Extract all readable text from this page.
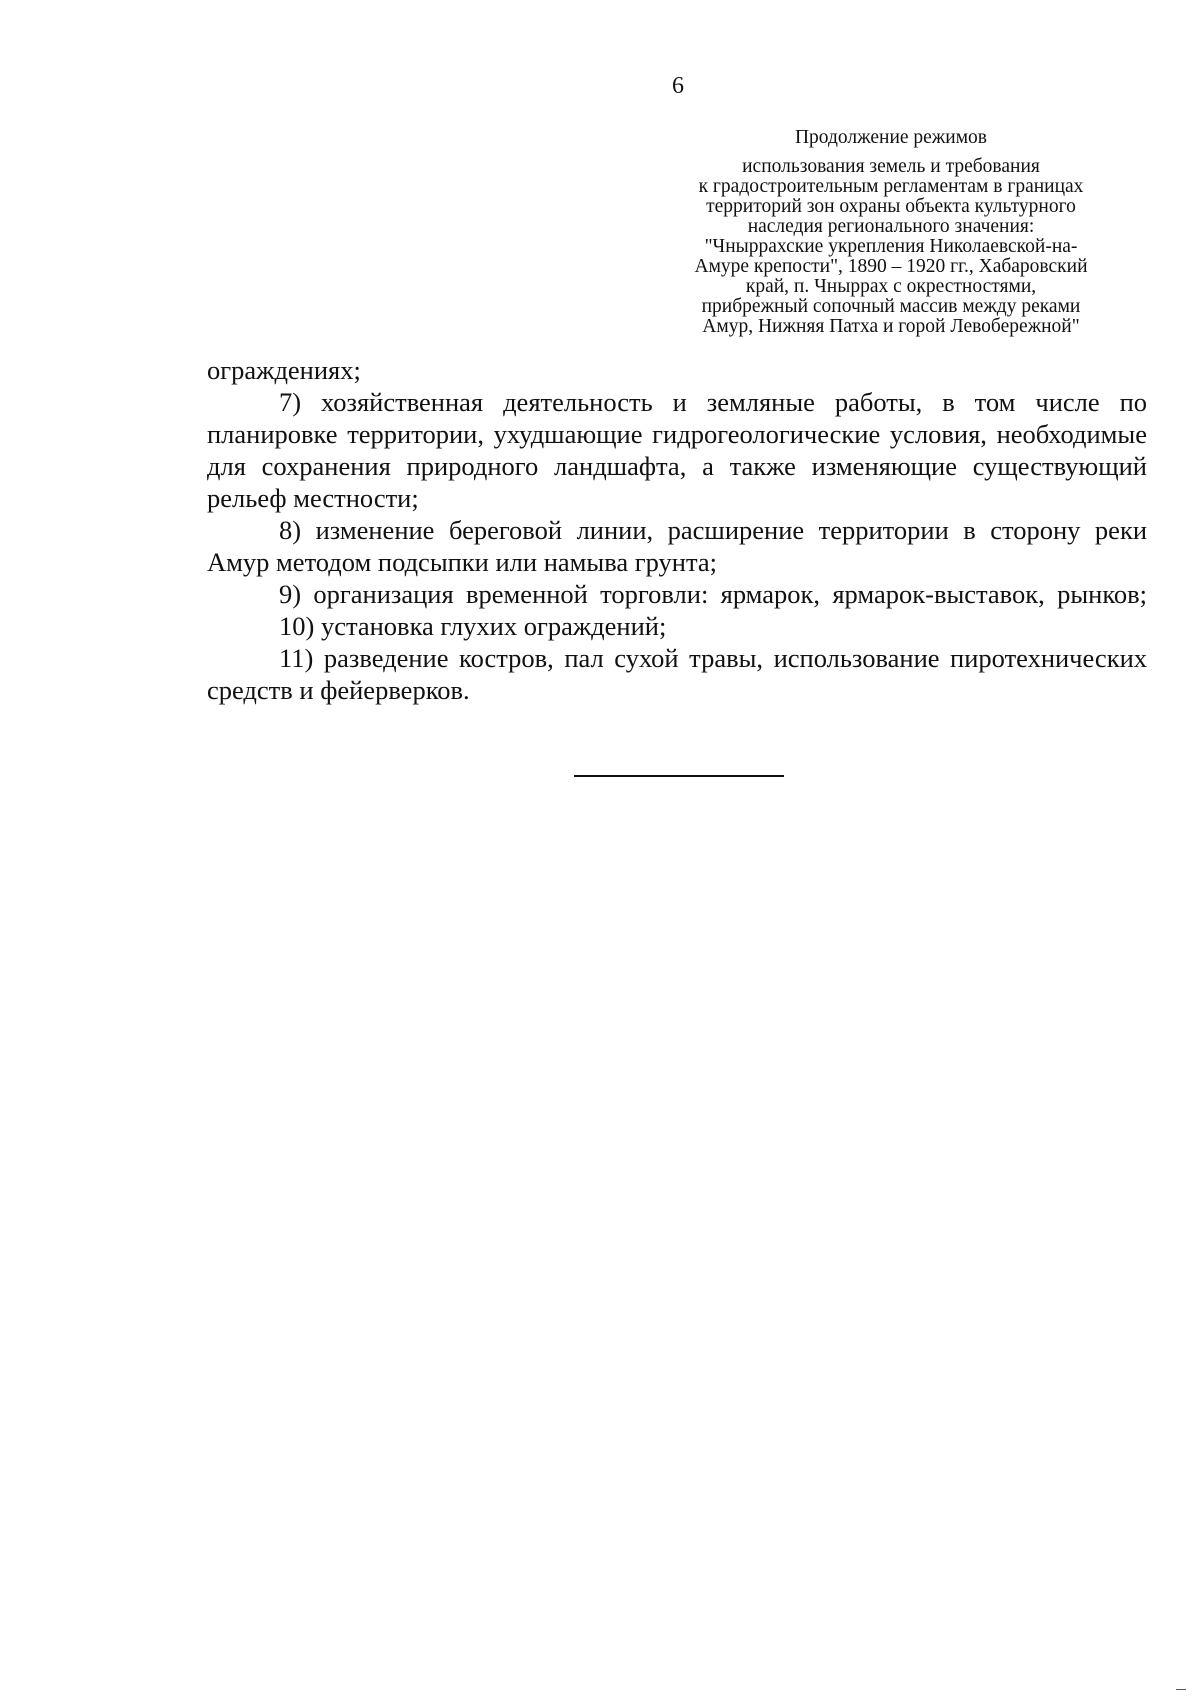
6
Продолжение режимов
использования земель и требования
к градостроительным регламентам в границах
территорий зон охраны объекта культурного
наследия регионального значения:
"Чныррахские укрепления Николаевской-на-
Амуре крепости", 1890 – 1920 гг., Хабаровский
край, п. Чныррах с окрестностями,
прибрежный сопочный массив между реками
Амур, Нижняя Патха и горой Левобережной"

ограждениях;

7) хозяйственная деятельность и земляные работы, в том числе по планировке территории, ухудшающие гидрогеологические условия, необходимые для сохранения природного ландшафта, а также изменяющие существующий рельеф местности;

8) изменение береговой линии, расширение территории в сторону реки Амур методом подсыпки или намыва грунта;

9) организация временной торговли: ярмарок, ярмарок-выставок, рынков;

10) установка глухих ограждений;

11) разведение костров, пал сухой травы, использование пиротехнических средств и фейерверков.
